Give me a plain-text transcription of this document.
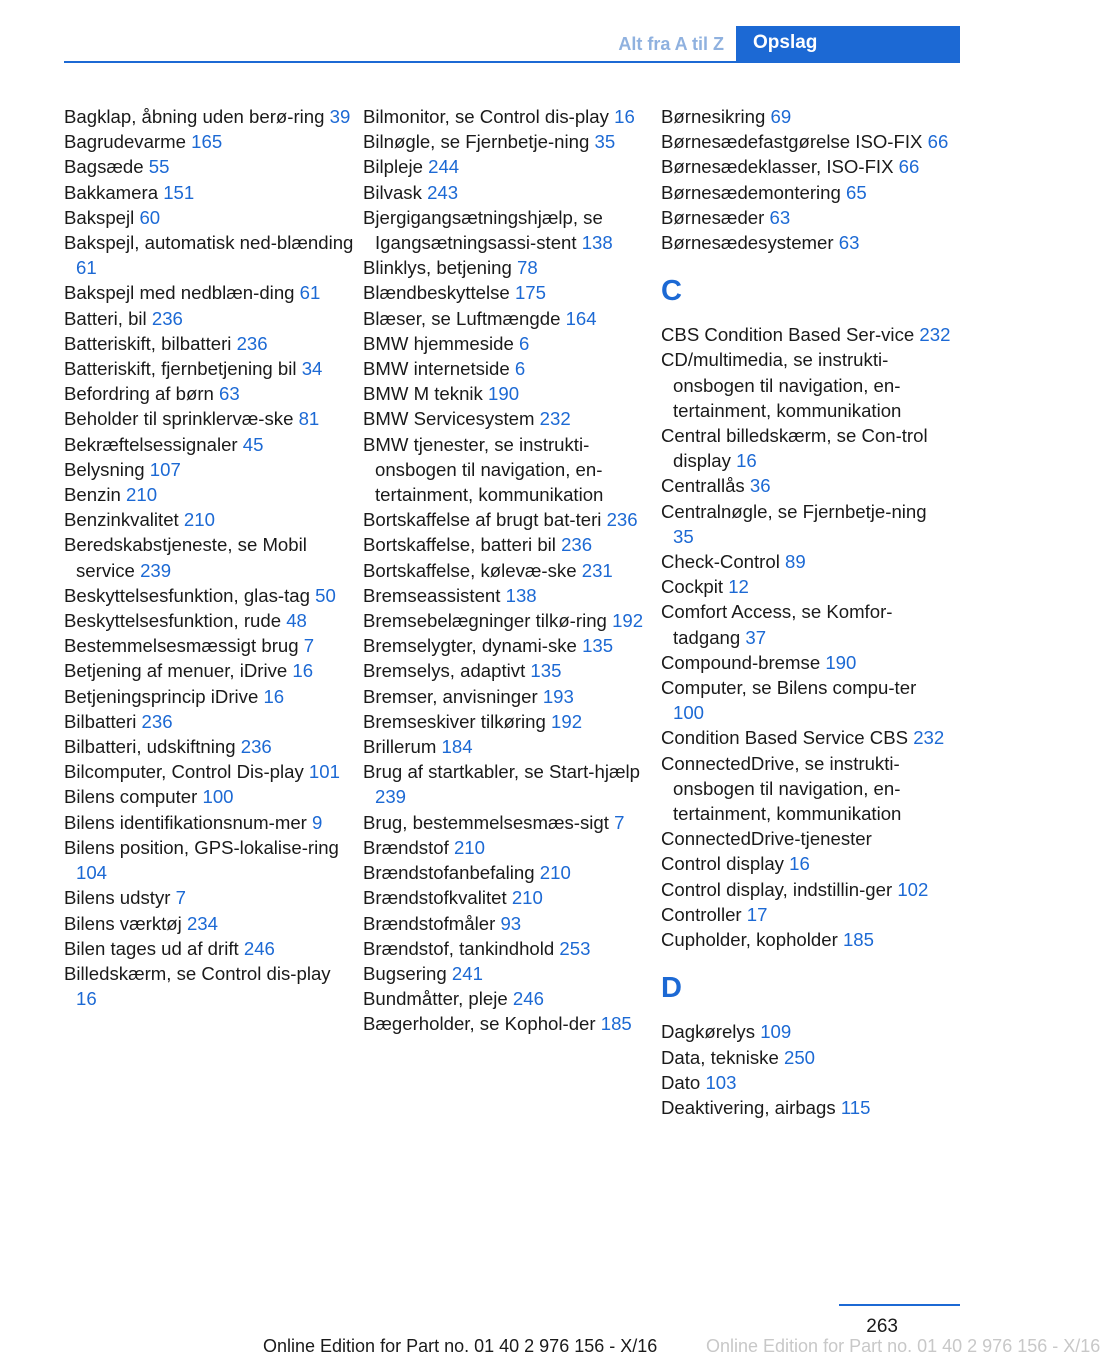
Alt fra A til Z	Opslag
Bagklap, åbning uden berø-ring 39
Bagrudevarme 165
Bagsæde 55
Bakkamera 151
Bakspejl 60
Bakspejl, automatisk ned-blænding 61
Bakspejl med nedblæn-ding 61
Batteri, bil 236
Batteriskift, bilbatteri 236
Batteriskift, fjernbetjening bil 34
Befordring af børn 63
Beholder til sprinklervæ-ske 81
Bekræftelsessignaler 45
Belysning 107
Benzin 210
Benzinkvalitet 210
Beredskabstjeneste, se Mobil service 239
Beskyttelsesfunktion, glas-tag 50
Beskyttelsesfunktion, rude 48
Bestemmelsesmæssigt brug 7
Betjening af menuer, iDrive 16
Betjeningsprincip iDrive 16
Bilbatteri 236
Bilbatteri, udskiftning 236
Bilcomputer, Control Dis-play 101
Bilens computer 100
Bilens identifikationsnum-mer 9
Bilens position, GPS-lokalise-ring 104
Bilens udstyr 7
Bilens værktøj 234
Bilen tages ud af drift 246
Billedskærm, se Control dis-play 16
Bilmonitor, se Control dis-play 16
Bilnøgle, se Fjernbetje-ning 35
Bilpleje 244
Bilvask 243
Bjergigangsætningshjælp, se Igangsætningsassi-stent 138
Blinklys, betjening 78
Blændbeskyttelse 175
Blæser, se Luftmængde 164
BMW hjemmeside 6
BMW internetside 6
BMW M teknik 190
BMW Servicesystem 232
BMW tjenester, se instrukti-onsbogen til navigation, en-tertainment, kommunikation
Bortskaffelse af brugt bat-teri 236
Bortskaffelse, batteri bil 236
Bortskaffelse, kølevæ-ske 231
Bremseassistent 138
Bremsebelægninger tilkø-ring 192
Bremselygter, dynami-ske 135
Bremselys, adaptivt 135
Bremser, anvisninger 193
Bremseskiver tilkøring 192
Brillerum 184
Brug af startkabler, se Start-hjælp 239
Brug, bestemmelsesmæs-sigt 7
Brændstof 210
Brændstofanbefaling 210
Brændstofkvalitet 210
Brændstofmåler 93
Brændstof, tankindhold 253
Bugsering 241
Bundmåtter, pleje 246
Bægerholder, se Kophol-der 185
Børnesikring 69
Børnesædefastgørelse ISO-FIX 66
Børnesædeklasser, ISO-FIX 66
Børnesædemontering 65
Børnesæder 63
Børnesædesystemer 63
C
CBS Condition Based Ser-vice 232
CD/multimedia, se instrukti-onsbogen til navigation, en-tertainment, kommunikation
Central billedskærm, se Con-trol display 16
Centrallås 36
Centralnøgle, se Fjernbetje-ning 35
Check-Control 89
Cockpit 12
Comfort Access, se Komfor-tadgang 37
Compound-bremse 190
Computer, se Bilens compu-ter 100
Condition Based Service CBS 232
ConnectedDrive, se instrukti-onsbogen til navigation, en-tertainment, kommunikation
ConnectedDrive-tjenester
Control display 16
Control display, indstillin-ger 102
Controller 17
Cupholder, kopholder 185
D
Dagkørelys 109
Data, tekniske 250
Dato 103
Deaktivering, airbags 115
263
Online Edition for Part no. 01 40 2 976 156 - X/16	Online Edition for Part no. 01 40 2 976 156 - X/16
